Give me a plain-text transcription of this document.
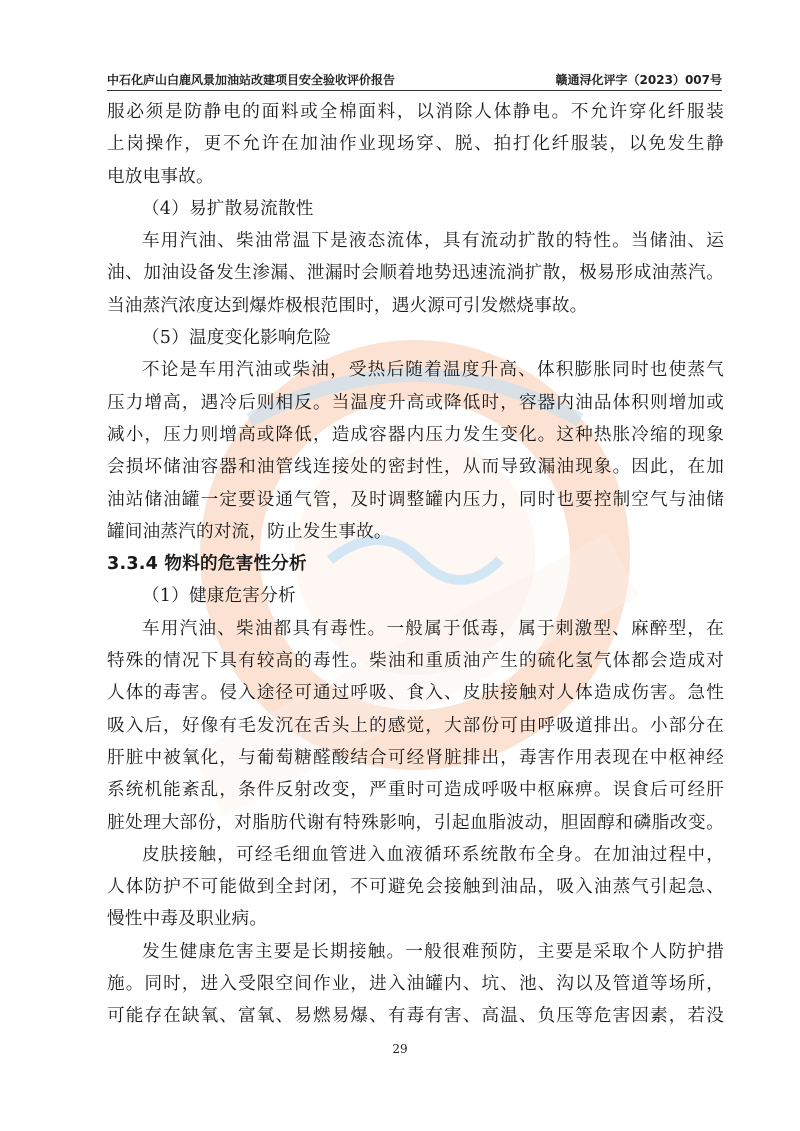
中石化庐山白鹿风景加油站改建项目安全验收评价报告	赣通浔化评字（2023）007号
服必须是防静电的面料或全棉面料，以消除人体静电。不允许穿化纤服装
上岗操作，更不允许在加油作业现场穿、脱、拍打化纤服装，以免发生静
电放电事故。
（4）易扩散易流散性
车用汽油、柴油常温下是液态流体，具有流动扩散的特性。当储油、运
油、加油设备发生渗漏、泄漏时会顺着地势迅速流淌扩散，极易形成油蒸汽。
当油蒸汽浓度达到爆炸极根范围时，遇火源可引发燃烧事故。
（5）温度变化影响危险
不论是车用汽油或柴油，受热后随着温度升高、体积膨胀同时也使蒸气
压力增高，遇冷后则相反。当温度升高或降低时，容器内油品体积则增加或
减小，压力则增高或降低，造成容器内压力发生变化。这种热胀冷缩的现象
会损坏储油容器和油管线连接处的密封性，从而导致漏油现象。因此，在加
油站储油罐一定要设通气管，及时调整罐内压力，同时也要控制空气与油储
罐间油蒸汽的对流，防止发生事故。
3.3.4 物料的危害性分析
（1）健康危害分析
车用汽油、柴油都具有毒性。一般属于低毒，属于刺激型、麻醉型，在
特殊的情况下具有较高的毒性。柴油和重质油产生的硫化氢气体都会造成对
人体的毒害。侵入途径可通过呼吸、食入、皮肤接触对人体造成伤害。急性
吸入后，好像有毛发沉在舌头上的感觉，大部份可由呼吸道排出。小部分在
肝脏中被氧化，与葡萄糖醛酸结合可经肾脏排出，毒害作用表现在中枢神经
系统机能紊乱，条件反射改变，严重时可造成呼吸中枢麻痹。误食后可经肝
脏处理大部份，对脂肪代谢有特殊影响，引起血脂波动，胆固醇和磷脂改变。
皮肤接触，可经毛细血管进入血液循环系统散布全身。在加油过程中，
人体防护不可能做到全封闭，不可避免会接触到油品，吸入油蒸气引起急、
慢性中毒及职业病。
发生健康危害主要是长期接触。一般很难预防，主要是采取个人防护措
施。同时，进入受限空间作业，进入油罐内、坑、池、沟以及管道等场所，
可能存在缺氧、富氧、易燃易爆、有毒有害、高温、负压等危害因素，若没
29
